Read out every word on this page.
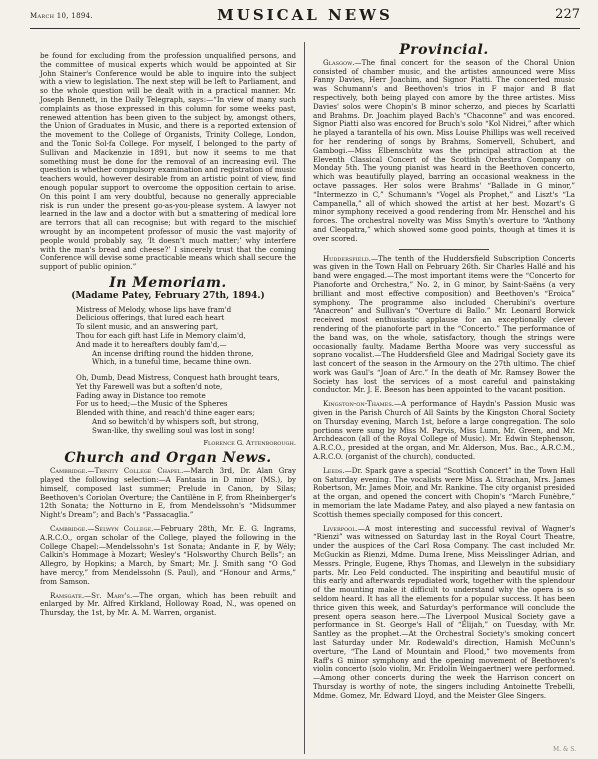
March 10, 1894.	MUSICAL NEWS	227

be found for excluding from the profession unqualified persons, and the committee of musical experts which would be appointed at Sir John Stainer's Conference would be able to inquire into the subject with a view to legislation. The next step will be left to Parliament, and so the whole question will be dealt with in a practical manner. Mr. Joseph Bennett, in the Daily Telegraph, says:—“In view of many such complaints as those expressed in this column for some weeks past, renewed attention has been given to the subject by, amongst others, the Union of Graduates in Music, and there is a reported extension of the movement to the College of Organists, Trinity College, London, and the Tonic Sol-fa College. For myself, I belonged to the party of Sullivan and Mackenzie in 1891, but now it seems to me that something must be done for the removal of an increasing evil. The question is whether compulsory examination and registration of music teachers would, however desirable from an artistic point of view, find enough popular support to overcome the opposition certain to arise. On this point I am very doubtful, because no generally appreciable risk is run under the present go-as-you-please system. A lawyer not learned in the law and a doctor with but a smattering of medical lore are terrors that all can recognise; but with regard to the mischief wrought by an incompetent professor of music the vast majority of people would probably say, ‘It doesn't much matter;’ why interfere with the man's bread and cheese?’ I sincerely trust that the coming Conference will devise some practicable means which shall secure the support of public opinion.”

In Memoriam.
(Madame Patey, February 27th, 1894.)
Mistress of Melody, whose lips have fram'd
Delicious offerings, that lured each heart
To silent music, and an answering part,
Thou for each gift hast Life in Memory claim'd,
And made it to hereafters doubly fam'd,—
An incense drifting round the hidden throne,
Which, in a tuneful time, became thine own.
Oh, Dumb, Dead Mistress, Conquest hath brought tears,
Yet thy Farewell was but a soften'd note,
Fading away in Distance too remote
For us to heed;—the Music of the Spheres
Blended with thine, and reach'd thine eager ears;
And so bewitch'd by whispers soft, but strong,
Swan-like, thy swelling soul was lost in song!
Florence G. Attenborough.
Church and Organ News.

Cambridge.—Trinity College Chapel.—March 3rd, Dr. Alan Gray played the following selection:—A Fantasia in D minor (MS.), by himself, composed last summer; Prelude in Canon, by Silas; Beethoven's Coriolan Overture; the Cantilène in F, from Rheinberger's 12th Sonata; the Notturno in E, from Mendelssohn's “Midsummer Night's Dream”; and Bach's “Passacaglia.”

Cambridge.—Selwyn College.—February 28th, Mr. E. G. Ingrams, A.R.C.O., organ scholar of the College, played the following in the College Chapel:—Mendelssohn's 1st Sonata; Andante in F, by Wély; Calkin's Hommage à Mozart; Wesley's “Holsworthy Church Bells”; an Allegro, by Hopkins; a March, by Smart; Mr. J. Smith sang “O God have mercy,” from Mendelssohn (S. Paul), and “Honour and Arms,” from Samson.

Ramsgate.—St. Mary's.—The organ, which has been rebuilt and enlarged by Mr. Alfred Kirkland, Holloway Road, N., was opened on Thursday, the 1st, by Mr. A. M. Warren, organist.

Provincial.

Glasgow.—The final concert for the season of the Choral Union consisted of chamber music, and the artistes announced were Miss Fanny Davies, Herr Joachim, and Signor Piatti. The concerted music was Schumann's and Beethoven's trios in F major and B flat respectively, both being played con amore by the three artistes. Miss Davies' solos were Chopin's B minor scherzo, and pieces by Scarlatti and Brahms. Dr. Joachim played Bach's “Chaconne” and was encored. Signor Piatti also was encored for Bruch's solo “Kol Nidrei,” after which he played a tarantella of his own. Miss Louise Phillips was well received for her rendering of songs by Brahms, Somervell, Schubert, and Gambogi.—Miss Elbenschütz was the principal attraction at the Eleventh Classical Concert of the Scottish Orchestra Company on Monday 5th. The young pianist was heard in the Beethoven concerto, which was beautifully played, barring an occasional weakness in the octave passages. Her solos were Brahms' “Ballade in G minor,” “Intermezzo in C,” Schumann's “Vogel als Prophet,” and Liszt's “La Campanella,” all of which showed the artist at her best. Mozart's G minor symphony received a good rendering from Mr. Henschel and his forces. The orchestral novelty was Miss Smyth's overture to “Anthony and Cleopatra,” which showed some good points, though at times it is over scored.

Huddersfield.—The tenth of the Huddersfield Subscription Concerts was given in the Town Hall on February 26th. Sir Charles Hallé and his band were engaged.—The most important items were the “Concerto for Pianoforte and Orchestra,” No. 2, in G minor, by Saint-Saëns (a very brilliant and most effective composition) and Beethoven's “Eroica” symphony. The programme also included Cherubini's overture “Anacreon” and Sullivan's “Overture di Ballo.” Mr. Leonard Borwick received most enthusiastic applause for an exceptionally clever rendering of the pianoforte part in the “Concerto.” The performance of the band was, on the whole, satisfactory, though the strings were occasionally faulty. Madame Bertha Moore was very successful as soprano vocalist.—The Huddersfield Glee and Madrigal Society gave its last concert of the season in the Armoury on the 27th ultimo. The chief work was Gaul's “Joan of Arc.” In the death of Mr. Ramsey Bower the Society has lost the services of a most careful and painstaking conductor. Mr. J. E. Beeson has been appointed to the vacant position.

Kingston-on-Thames.—A performance of Haydn's Passion Music was given in the Parish Church of All Saints by the Kingston Choral Society on Thursday evening, March 1st, before a large congregation. The solo portions were sung by Miss M. Parvis, Miss Lunn, Mr. Green, and Mr. Archdeacon (all of the Royal College of Music). Mr. Edwin Stephenson, A.R.C.O., presided at the organ, and Mr. Alderson, Mus. Bac., A.R.C.M., A.R.C.O. (organist of the church), conducted.

Leeds.—Dr. Spark gave a special “Scottish Concert” in the Town Hall on Saturday evening. The vocalists were Miss A. Strachan, Mrs. James Robertson, Mr. James Moir, and Mr. Rankine. The city organist presided at the organ, and opened the concert with Chopin's “March Funèbre,” in memoriam the late Madame Patey, and also played a new fantasia on Scottish themes specially composed for this concert.

Liverpool.—A most interesting and successful revival of Wagner's “Rienzi” was witnessed on Saturday last in the Royal Court Theatre, under the auspices of the Carl Rosa Company. The cast included Mr. McGuckin as Rienzi, Mdme. Duma Irene, Miss Meisslinger Adrian, and Messrs. Pringle, Eugene, Rhys Thomas, and Llewelyn in the subsidiary parts. Mr. Leo Feld conducted. The inspiriting and beautiful music of this early and afterwards repudiated work, together with the splendour of the mounting make it difficult to understand why the opera is so seldom heard. It has all the elements for a popular success. It has been thrice given this week, and Saturday's performance will conclude the present opera season here.—The Liverpool Musical Society gave a performance in St. George's Hall of “Elijah,” on Tuesday, with Mr. Santley as the prophet.—At the Orchestral Society's smoking concert last Saturday under Mr. Rodewald's direction, Hamish McCunn's overture, “The Land of Mountain and Flood,” two movements from Raff's G minor symphony and the opening movement of Beethoven's violin concerto (solo violin, Mr. Fridolin Weingaertner) were performed.—Among other concerts during the week the Harrison concert on Thursday is worthy of note, the singers including Antoinette Trebelli, Mdme. Gomez, Mr. Edward Lloyd, and the Meister Glee Singers.

M. & S.
